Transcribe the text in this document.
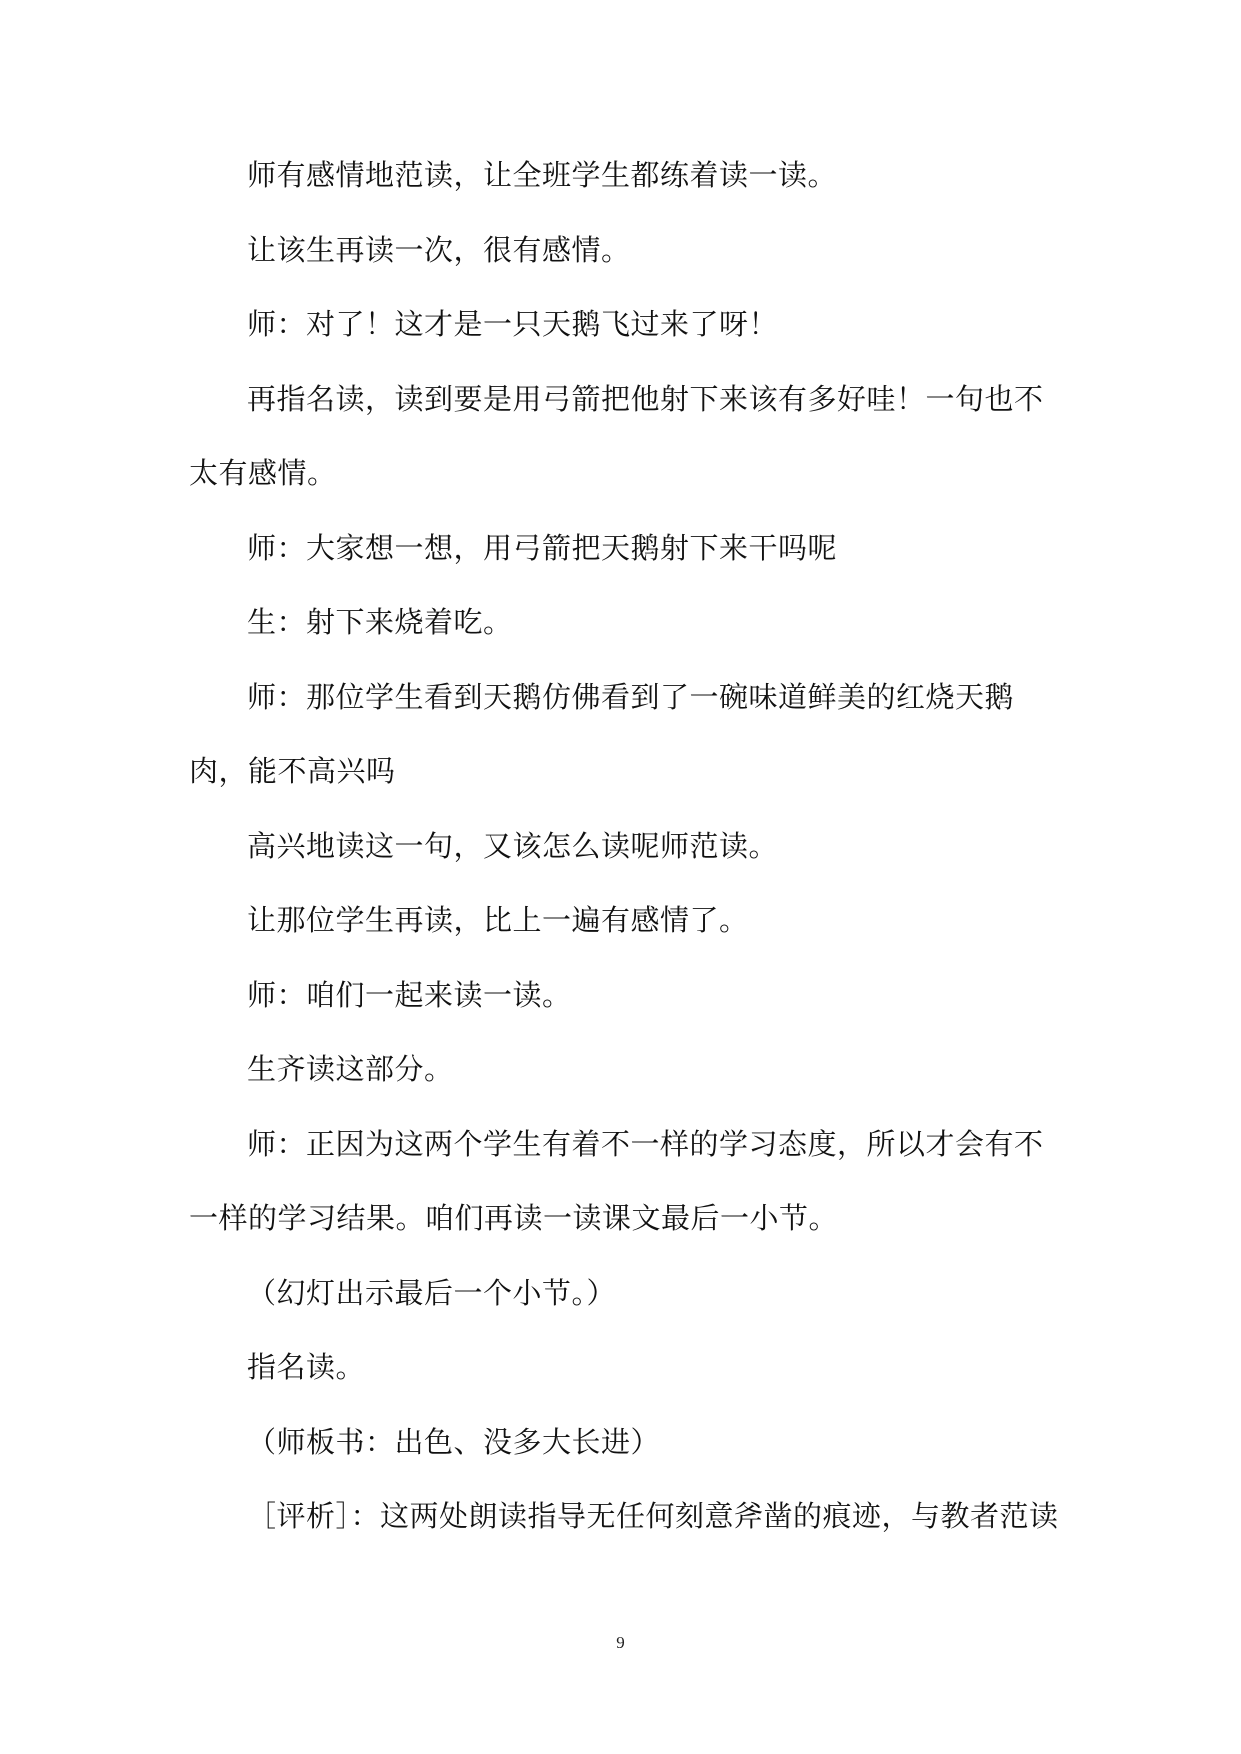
师有感情地范读，让全班学生都练着读一读。

让该生再读一次，很有感情。

师：对了！这才是一只天鹅飞过来了呀！

再指名读，读到要是用弓箭把他射下来该有多好哇！一句也不太有感情。

师：大家想一想，用弓箭把天鹅射下来干吗呢

生：射下来烧着吃。

师：那位学生看到天鹅仿佛看到了一碗味道鲜美的红烧天鹅肉，能不高兴吗

高兴地读这一句，又该怎么读呢师范读。

让那位学生再读，比上一遍有感情了。

师：咱们一起来读一读。

生齐读这部分。

师：正因为这两个学生有着不一样的学习态度，所以才会有不一样的学习结果。咱们再读一读课文最后一小节。

（幻灯出示最后一个小节。）

指名读。

（师板书：出色、没多大长进）

［评析］：这两处朗读指导无任何刻意斧凿的痕迹，与教者范读

9
